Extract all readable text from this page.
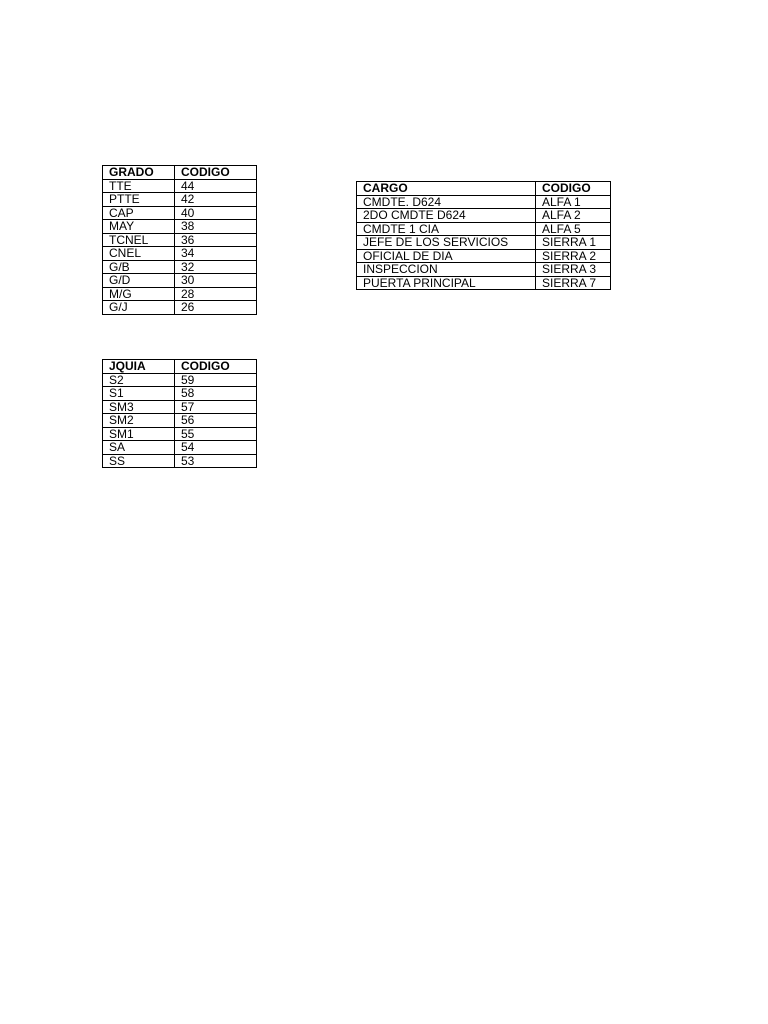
GRADO	CODIGO
TTE	44
PTTE	42
CAP	40
MAY	38
TCNEL	36
CNEL	34
G/B	32
G/D	30
M/G	28
G/J	26
JQUIA	CODIGO
S2	59
S1	58
SM3	57
SM2	56
SM1	55
SA	54
SS	53
CARGO	CODIGO
CMDTE. D624	ALFA 1
2DO CMDTE D624	ALFA 2
CMDTE 1 CIA	ALFA 5
JEFE DE LOS SERVICIOS	SIERRA 1
OFICIAL DE DIA	SIERRA 2
INSPECCION	SIERRA 3
PUERTA PRINCIPAL	SIERRA 7
